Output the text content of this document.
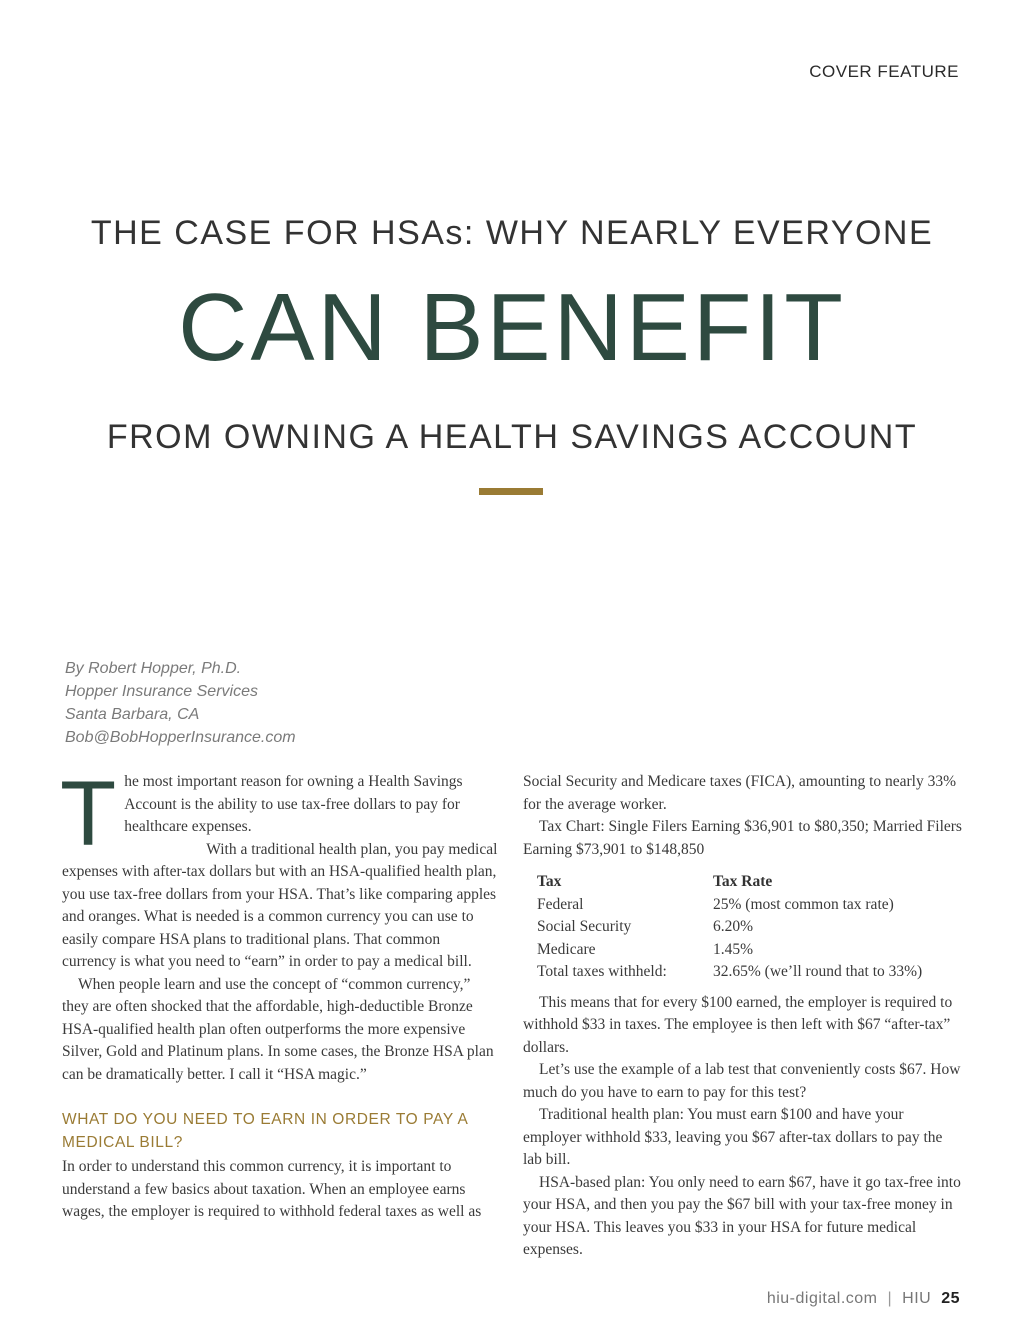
COVER FEATURE
THE CASE FOR HSAs: WHY NEARLY EVERYONE
CAN BENEFIT
FROM OWNING A HEALTH SAVINGS ACCOUNT
By Robert Hopper, Ph.D.
Hopper Insurance Services
Santa Barbara, CA
Bob@BobHopperInsurance.com

The most important reason for owning a Health Savings Account is the ability to use tax-free dollars to pay for healthcare expenses.

With a traditional health plan, you pay medical expenses with after-tax dollars but with an HSA-qualified health plan, you use tax-free dollars from your HSA. That’s like comparing apples and oranges. What is needed is a common currency you can use to easily compare HSA plans to traditional plans. That common currency is what you need to “earn” in order to pay a medical bill.

When people learn and use the concept of “common currency,” they are often shocked that the affordable, high-deductible Bronze HSA-qualified health plan often outperforms the more expensive Silver, Gold and Platinum plans. In some cases, the Bronze HSA plan can be dramatically better. I call it “HSA magic.”

WHAT DO YOU NEED TO EARN IN ORDER TO PAY A MEDICAL BILL?

In order to understand this common currency, it is important to understand a few basics about taxation. When an employee earns wages, the employer is required to withhold federal taxes as well as

Social Security and Medicare taxes (FICA), amounting to nearly 33% for the average worker.

Tax Chart: Single Filers Earning $36,901 to $80,350; Married Filers Earning $73,901 to $148,850

Tax	Tax Rate
Federal	25% (most common tax rate)
Social Security	6.20%
Medicare	1.45%
Total taxes withheld:	32.65% (we’ll round that to 33%)

This means that for every $100 earned, the employer is required to withhold $33 in taxes. The employee is then left with $67 “after-tax” dollars.

Let’s use the example of a lab test that conveniently costs $67. How much do you have to earn to pay for this test?

Traditional health plan: You must earn $100 and have your employer withhold $33, leaving you $67 after-tax dollars to pay the lab bill.

HSA-based plan: You only need to earn $67, have it go tax-free into your HSA, and then you pay the $67 bill with your tax-free money in your HSA. This leaves you $33 in your HSA for future medical expenses.

hiu-digital.com | HIU 25
